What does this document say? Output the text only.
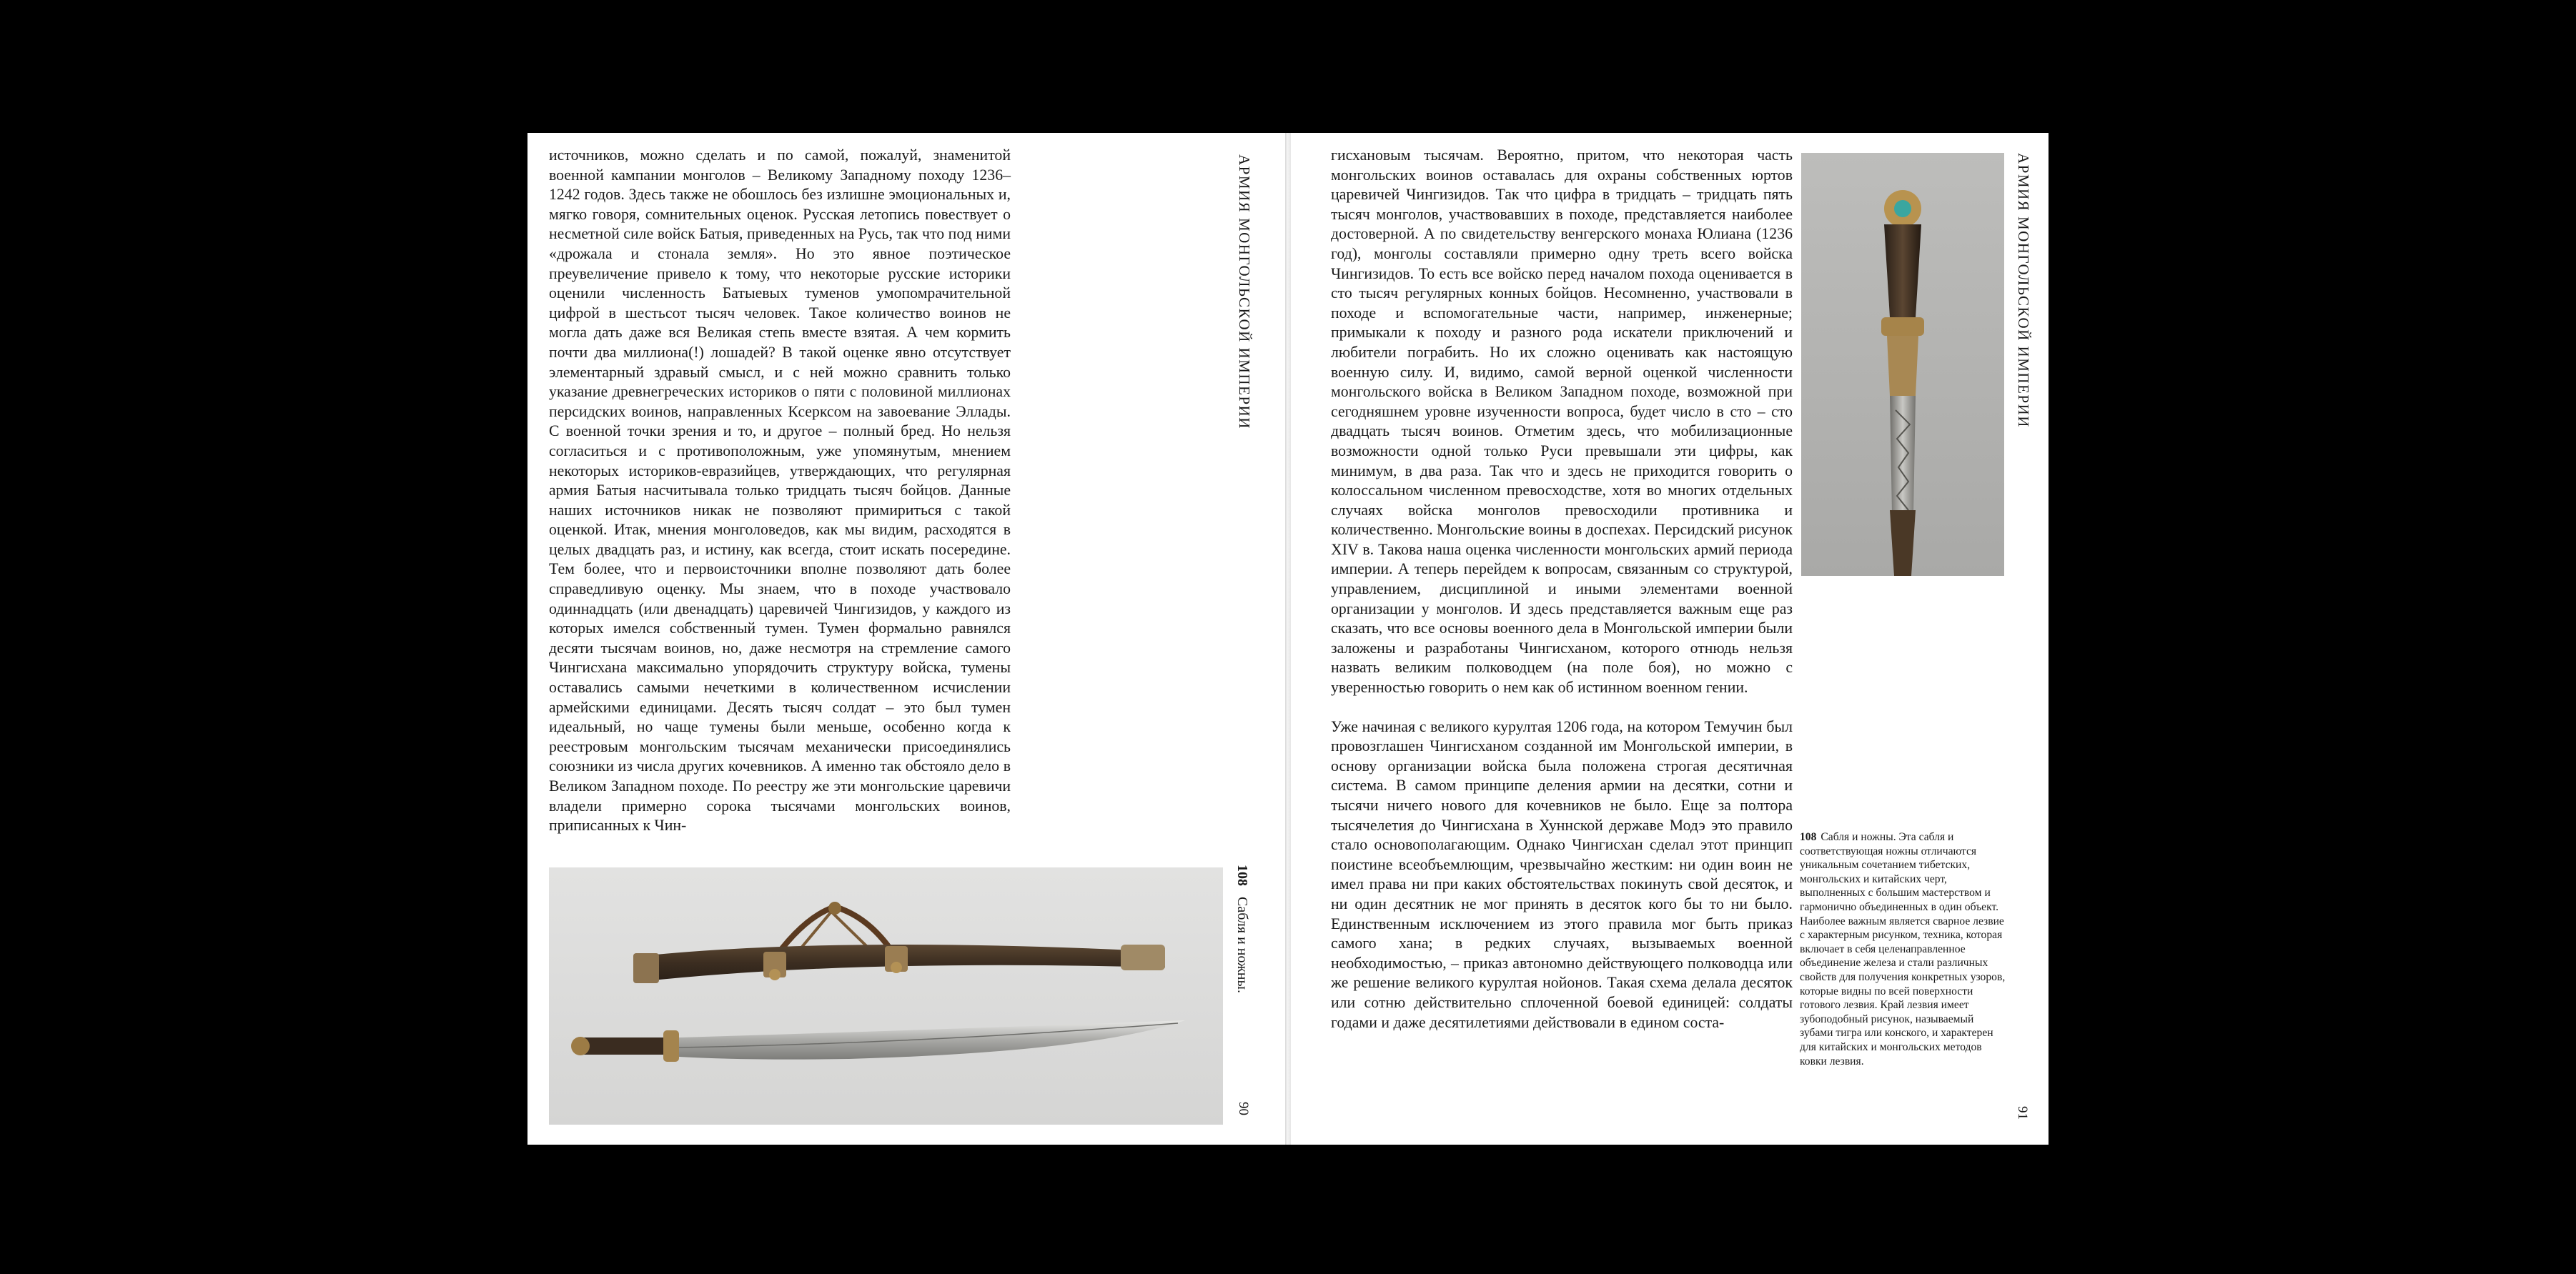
источников, можно сделать и по самой, пожалуй, знаменитой военной кампании монголов – Великому Западному походу 1236–1242 годов. Здесь также не обошлось без излишне эмоциональных и, мягко говоря, сомнительных оценок. Русская летопись повествует о несметной силе войск Батыя, приведенных на Русь, так что под ними «дрожала и стонала земля». Но это явное поэтическое преувеличение привело к тому, что некоторые русские историки оценили численность Батыевых туменов умопомрачительной цифрой в шестьсот тысяч человек. Такое количество воинов не могла дать даже вся Великая степь вместе взятая. А чем кормить почти два миллиона(!) лошадей? В такой оценке явно отсутствует элементарный здравый смысл, и с ней можно сравнить только указание древнегреческих историков о пяти с половиной миллионах персидских воинов, направленных Ксерксом на завоевание Эллады. С военной точки зрения и то, и другое – полный бред. Но нельзя согласиться и с противоположным, уже упомянутым, мнением некоторых историков-евразийцев, утверждающих, что регулярная армия Батыя насчитывала только тридцать тысяч бойцов. Данные наших источников никак не позволяют примириться с такой оценкой. Итак, мнения монголоведов, как мы видим, расходятся в целых двадцать раз, и истину, как всегда, стоит искать посередине. Тем более, что и первоисточники вполне позволяют дать более справедливую оценку. Мы знаем, что в походе участвовало одиннадцать (или двенадцать) царевичей Чингизидов, у каждого из которых имелся собственный тумен. Тумен формально равнялся десяти тысячам воинов, но, даже несмотря на стремление самого Чингисхана максимально упорядочить структуру войска, тумены оставались самыми нечеткими в количественном исчислении армейскими единицами. Десять тысяч солдат – это был тумен идеальный, но чаще тумены были меньше, особенно когда к реестровым монгольским тысячам механически присоединялись союзники из числа других кочевников. А именно так обстояло дело в Великом Западном походе. По реестру же эти монгольские царевичи владели примерно сорока тысячами монгольских воинов, приписанных к Чин-

АРМИЯ МОНГОЛЬСКОЙ ИМПЕРИИ
108 Сабля и ножны.
90

гисхановым тысячам. Вероятно, притом, что некоторая часть монгольских воинов оставалась для охраны собственных юртов царевичей Чингизидов. Так что цифра в тридцать – тридцать пять тысяч монголов, участвовавших в походе, представляется наиболее достоверной. А по свидетельству венгерского монаха Юлиана (1236 год), монголы составляли примерно одну треть всего войска Чингизидов. То есть все войско перед началом похода оценивается в сто тысяч регулярных конных бойцов. Несомненно, участвовали в походе и вспомогательные части, например, инженерные; примыкали к походу и разного рода искатели приключений и любители пограбить. Но их сложно оценивать как настоящую военную силу. И, видимо, самой верной оценкой численности монгольского войска в Великом Западном походе, возможной при сегодняшнем уровне изученности вопроса, будет число в сто – сто двадцать тысяч воинов. Отметим здесь, что мобилизационные возможности одной только Руси превышали эти цифры, как минимум, в два раза. Так что и здесь не приходится говорить о колоссальном численном превосходстве, хотя во многих отдельных случаях войска монголов превосходили противника и количественно. Монгольские воины в доспехах. Персидский рисунок XIV в. Такова наша оценка численности монгольских армий периода империи. А теперь перейдем к вопросам, связанным со структурой, управлением, дисциплиной и иными элементами военной организации у монголов. И здесь представляется важным еще раз сказать, что все основы военного дела в Монгольской империи были заложены и разработаны Чингисханом, которого отнюдь нельзя назвать великим полководцем (на поле боя), но можно с уверенностью говорить о нем как об истинном военном гении.

Уже начиная с великого курултая 1206 года, на котором Темучин был провозглашен Чингисханом созданной им Монгольской империи, в основу организации войска была положена строгая десятичная система. В самом принципе деления армии на десятки, сотни и тысячи ничего нового для кочевников не было. Еще за полтора тысячелетия до Чингисхана в Хуннской державе Модэ это правило стало основополагающим. Однако Чингисхан сделал этот принцип поистине всеобъемлющим, чрезвычайно жестким: ни один воин не имел права ни при каких обстоятельствах покинуть свой десяток, и ни один десятник не мог принять в десяток кого бы то ни было. Единственным исключением из этого правила мог быть приказ самого хана; в редких случаях, вызываемых военной необходимостью, – приказ автономно действующего полководца или же решение великого курултая нойонов. Такая схема делала десяток или сотню действительно сплоченной боевой единицей: солдаты годами и даже десятилетиями действовали в едином соста-

АРМИЯ МОНГОЛЬСКОЙ ИМПЕРИИ
108 Сабля и ножны. Эта сабля и соответствующая ножны отличаются уникальным сочетанием тибетских, монгольских и китайских черт, выполненных с большим мастерством и гармонично объединенных в один объект. Наиболее важным является сварное лезвие с характерным рисунком, техника, которая включает в себя целенаправленное объединение железа и стали различных свойств для получения конкретных узоров, которые видны по всей поверхности готового лезвия. Край лезвия имеет зубоподобный рисунок, называемый зубами тигра или конского, и характерен для китайских и монгольских методов ковки лезвия.
91
